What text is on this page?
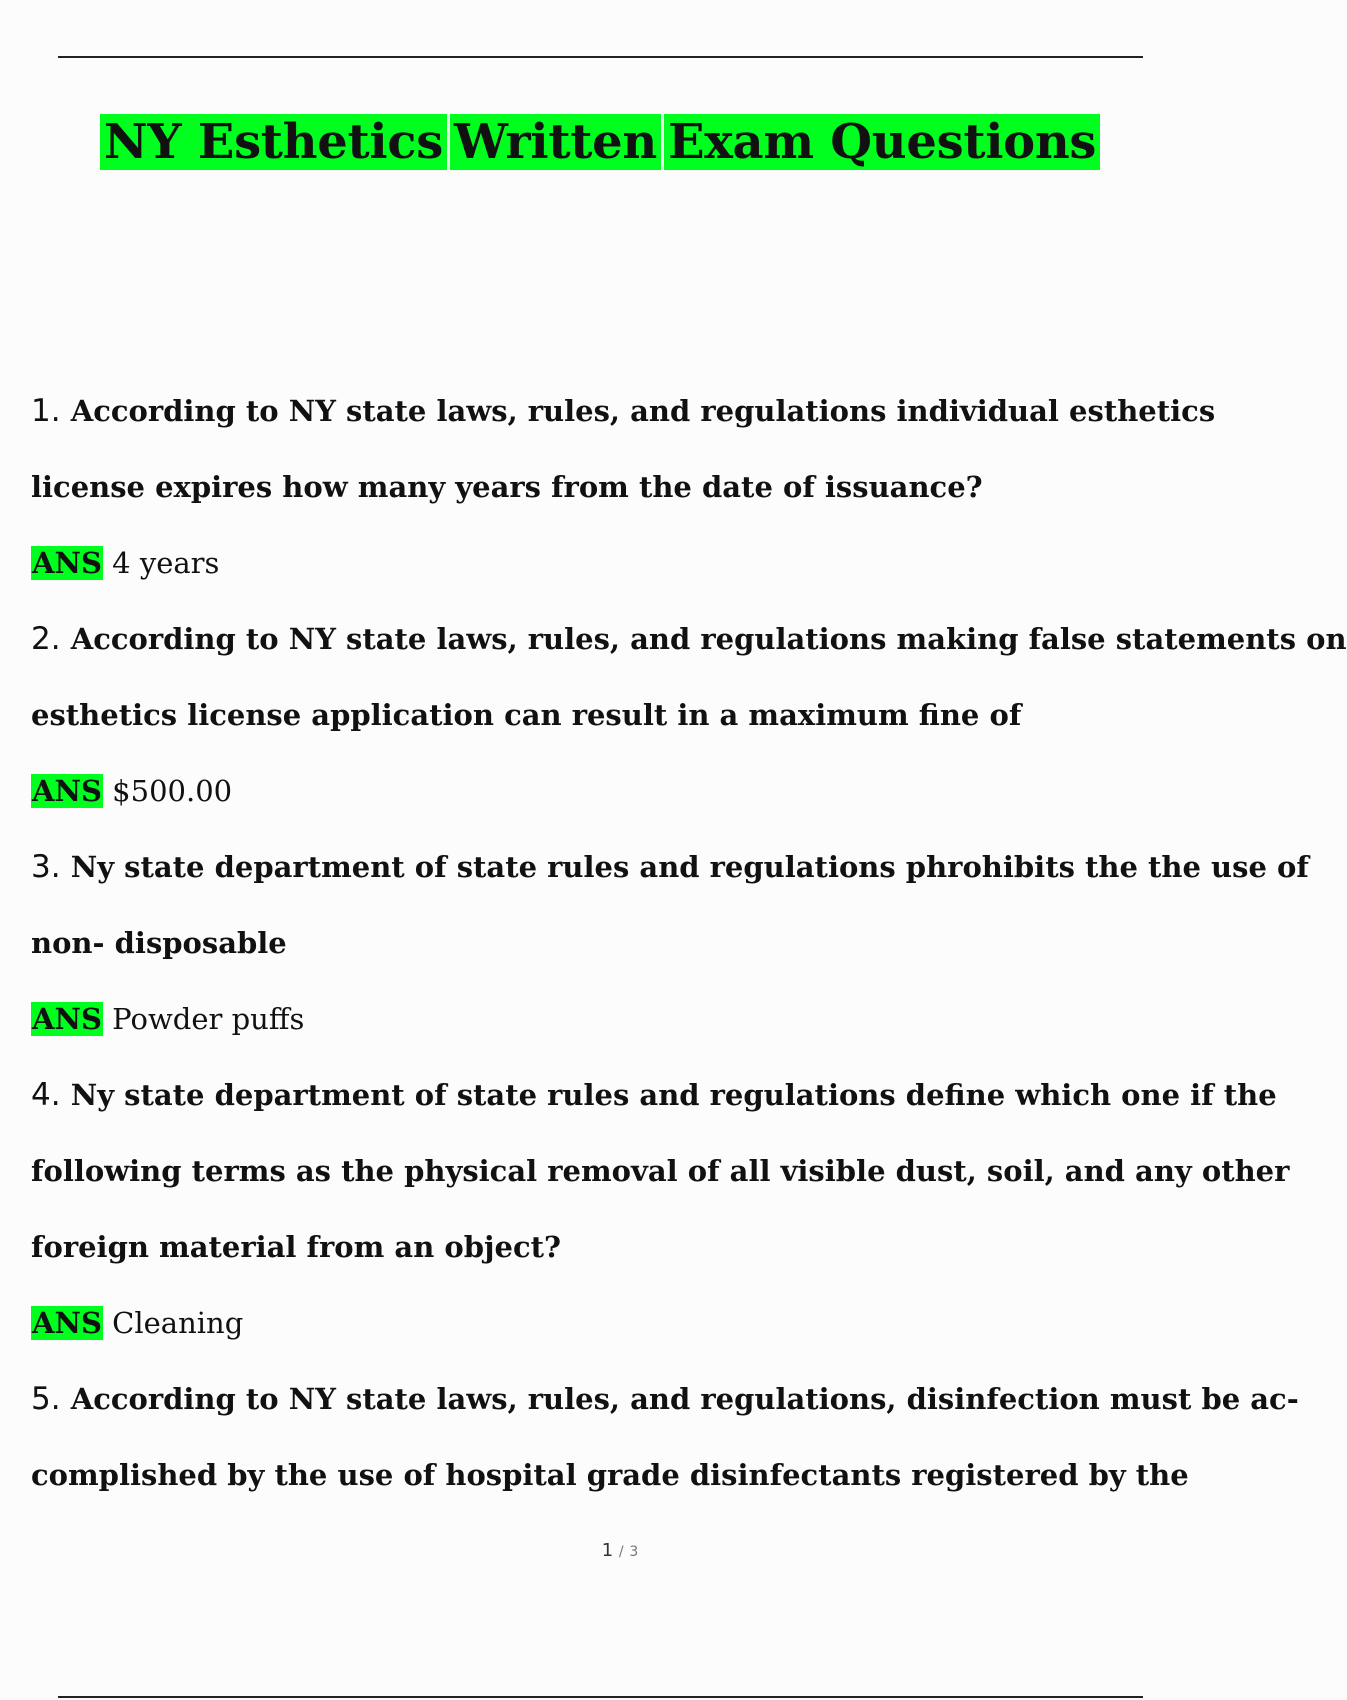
NY Esthetics Written Exam Questions
1. According to NY state laws, rules, and regulations individual esthetics
license expires how many years from the date of issuance?
ANS 4 years
2. According to NY state laws, rules, and regulations making false statements on
esthetics license application can result in a maximum fine of
ANS $500.00
3. Ny state department of state rules and regulations phrohibits the the use of
non- disposable
ANS Powder puffs
4. Ny state department of state rules and regulations define which one if the
following terms as the physical removal of all visible dust, soil, and any other
foreign material from an object?
ANS Cleaning
5. According to NY state laws, rules, and regulations, disinfection must be ac-
complished by the use of hospital grade disinfectants registered by the
1 / 3
